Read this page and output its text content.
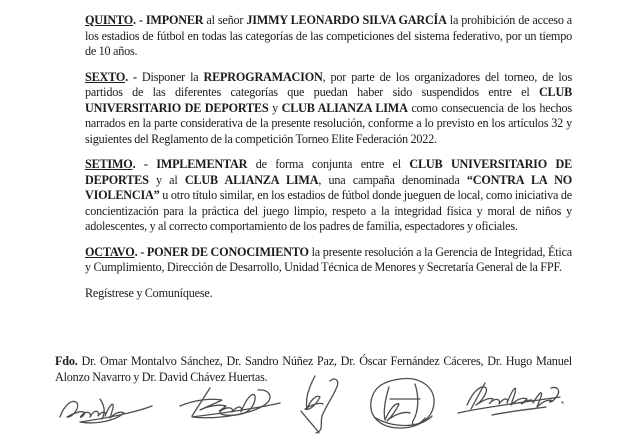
QUINTO. - IMPONER al señor JIMMY LEONARDO SILVA GARCÍA la prohibición de acceso a los estadios de fútbol en todas las categorías de las competiciones del sistema federativo, por un tiempo de 10 años.

SEXTO. - Disponer la REPROGRAMACION, por parte de los organizadores del torneo, de los partidos de las diferentes categorías que puedan haber sido suspendidos entre el CLUB UNIVERSITARIO DE DEPORTES y CLUB ALIANZA LIMA como consecuencia de los hechos narrados en la parte considerativa de la presente resolución, conforme a lo previsto en los artículos 32 y siguientes del Reglamento de la competición Torneo Elite Federación 2022.

SETIMO. - IMPLEMENTAR de forma conjunta entre el CLUB UNIVERSITARIO DE DEPORTES y al CLUB ALIANZA LIMA, una campaña denominada “CONTRA LA NO VIOLENCIA” u otro título similar, en los estadios de fútbol donde jueguen de local, como iniciativa de concientización para la práctica del juego limpio, respeto a la integridad física y moral de niños y adolescentes, y al correcto comportamiento de los padres de familia, espectadores y oficiales.

OCTAVO. - PONER DE CONOCIMIENTO la presente resolución a la Gerencia de Integridad, Ética y Cumplimiento, Dirección de Desarrollo, Unidad Técnica de Menores y Secretaría General de la FPF.

Regístrese y Comuníquese.

Fdo. Dr. Omar Montalvo Sánchez, Dr. Sandro Núñez Paz, Dr. Óscar Fernández Cáceres, Dr. Hugo Manuel Alonzo Navarro y Dr. David Chávez Huertas.
